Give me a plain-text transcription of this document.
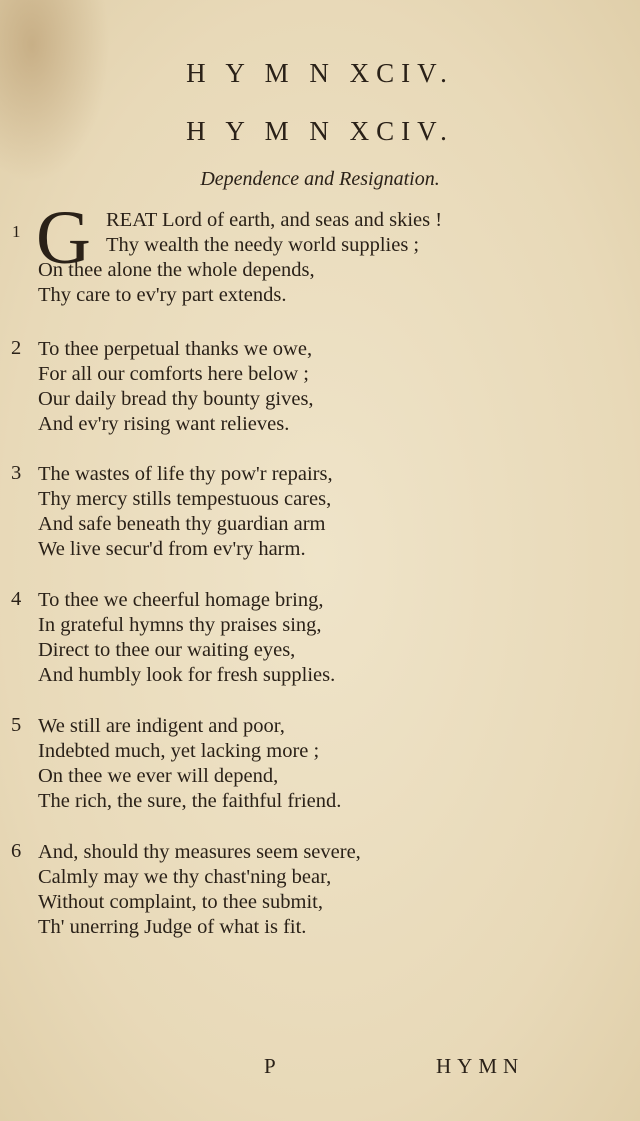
H Y M N XCIV.
H Y M N XCIV.
Dependence and Resignation.
G
1
REAT Lord of earth, and seas and skies !
Thy wealth the needy world supplies ;
On thee alone the whole depends,
Thy care to ev'ry part extends.
2 To thee perpetual thanks we owe,
For all our comforts here below ;
Our daily bread thy bounty gives,
And ev'ry rising want relieves.
3 The wastes of life thy pow'r repairs,
Thy mercy stills tempestuous cares,
And safe beneath thy guardian arm
We live secur'd from ev'ry harm.
4 To thee we cheerful homage bring,
In grateful hymns thy praises sing,
Direct to thee our waiting eyes,
And humbly look for fresh supplies.
5 We still are indigent and poor,
Indebted much, yet lacking more ;
On thee we ever will depend,
The rich, the sure, the faithful friend.
6 And, should thy measures seem severe,
Calmly may we thy chast'ning bear,
Without complaint, to thee submit,
Th' unerring Judge of what is fit.
P	HYMN
